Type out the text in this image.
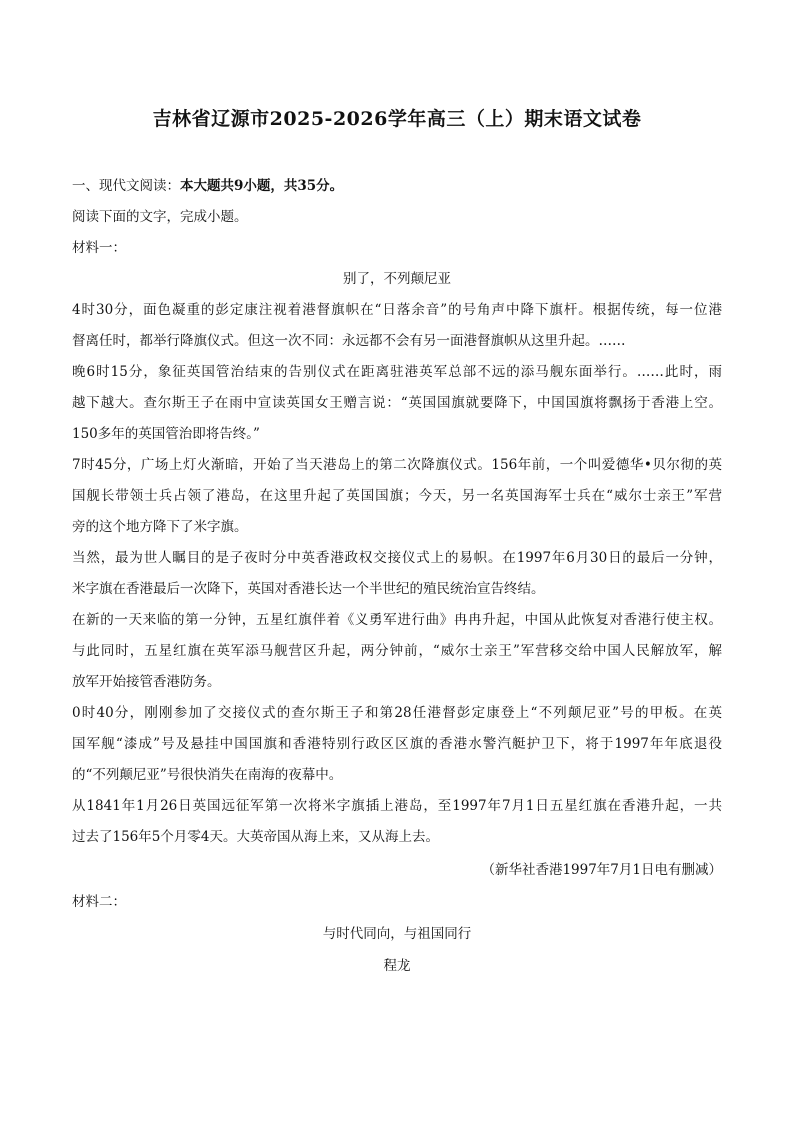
吉林省辽源市2025-2026学年高三（上）期末语文试卷
一、现代文阅读：本大题共9小题，共35分。
阅读下面的文字，完成小题。
材料一：
别了，不列颠尼亚
4时30分，面色凝重的彭定康注视着港督旗帜在“日落余音”的号角声中降下旗杆。根据传统，每一位港
督离任时，都举行降旗仪式。但这一次不同：永远都不会有另一面港督旗帜从这里升起。……
晚6时15分，象征英国管治结束的告别仪式在距离驻港英军总部不远的添马舰东面举行。……此时，雨
越下越大。查尔斯王子在雨中宣读英国女王赠言说：“英国国旗就要降下，中国国旗将飘扬于香港上空。
150多年的英国管治即将告终。”
7时45分，广场上灯火渐暗，开始了当天港岛上的第二次降旗仪式。156年前，一个叫爱德华•贝尔彻的英
国舰长带领士兵占领了港岛，在这里升起了英国国旗；今天，另一名英国海军士兵在“威尔士亲王”军营
旁的这个地方降下了米字旗。
当然，最为世人瞩目的是子夜时分中英香港政权交接仪式上的易帜。在1997年6月30日的最后一分钟，
米字旗在香港最后一次降下，英国对香港长达一个半世纪的殖民统治宣告终结。
在新的一天来临的第一分钟，五星红旗伴着《义勇军进行曲》冉冉升起，中国从此恢复对香港行使主权。
与此同时，五星红旗在英军添马舰营区升起，两分钟前，“威尔士亲王”军营移交给中国人民解放军，解
放军开始接管香港防务。
0时40分，刚刚参加了交接仪式的查尔斯王子和第28任港督彭定康登上“不列颠尼亚”号的甲板。在英
国军舰“漆成”号及悬挂中国国旗和香港特别行政区区旗的香港水警汽艇护卫下，将于1997年年底退役
的“不列颠尼亚”号很快消失在南海的夜幕中。
从1841年1月26日英国远征军第一次将米字旗插上港岛，至1997年7月1日五星红旗在香港升起，一共
过去了156年5个月零4天。大英帝国从海上来，又从海上去。
（新华社香港1997年7月1日电有删减）
材料二：
与时代同向，与祖国同行
程龙
